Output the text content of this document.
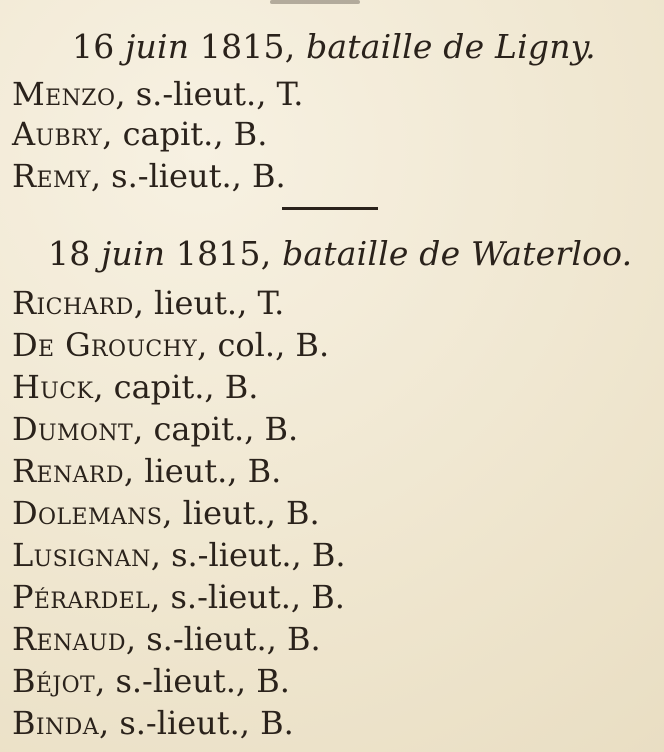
16 juin 1815, bataille de Ligny.
Menzo, s.-lieut., T.
Aubry, capit., B.
Remy, s.-lieut., B.
18 juin 1815, bataille de Waterloo.
Richard, lieut., T.
De Grouchy, col., B.
Huck, capit., B.
Dumont, capit., B.
Renard, lieut., B.
Dolemans, lieut., B.
Lusignan, s.-lieut., B.
Pérardel, s.-lieut., B.
Renaud, s.-lieut., B.
Béjot, s.-lieut., B.
Binda, s.-lieut., B.
